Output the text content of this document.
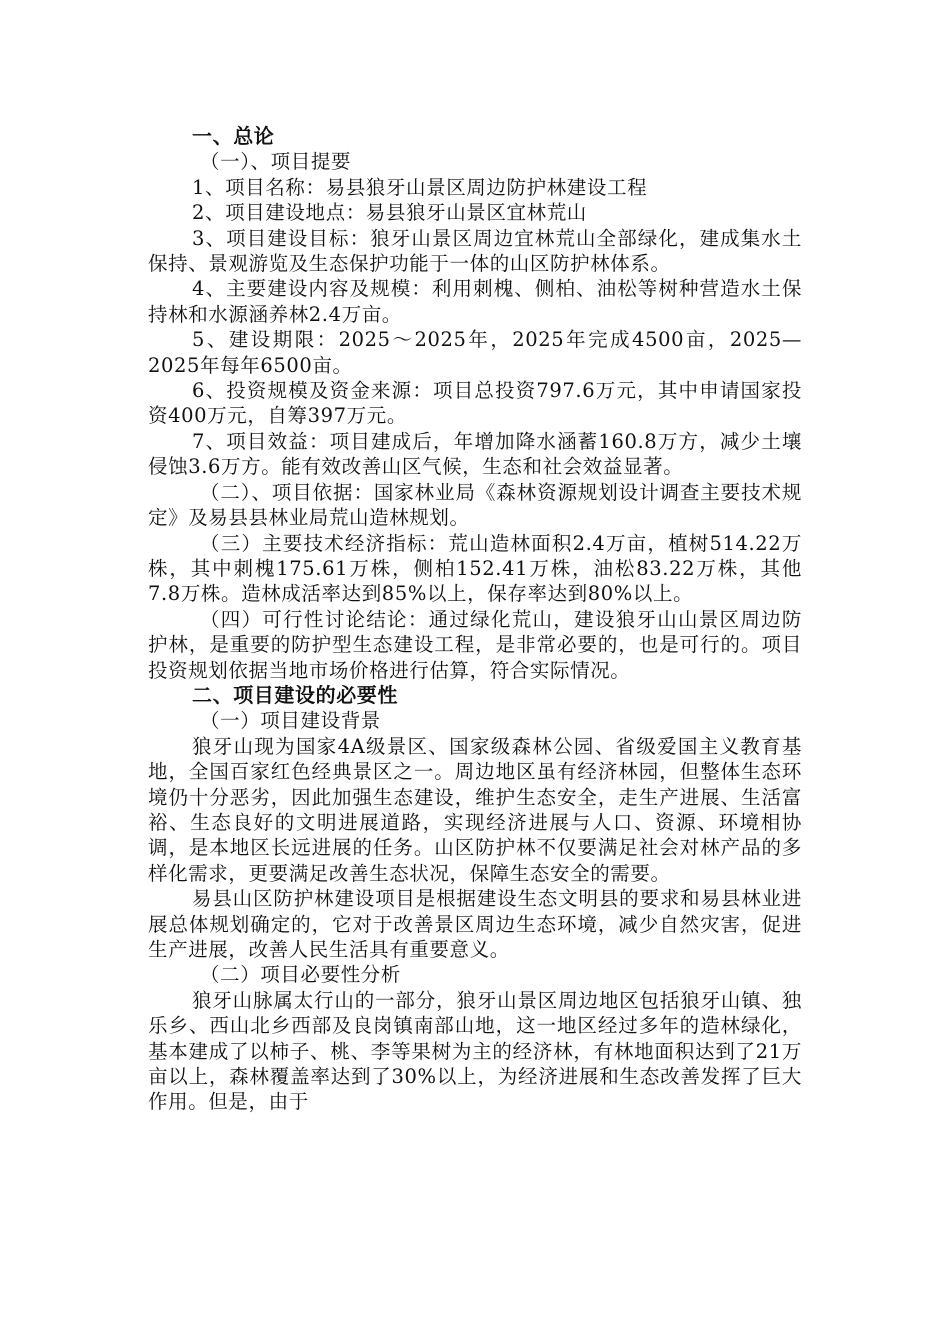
一、总论

（一）、项目提要

1、项目名称：易县狼牙山景区周边防护林建设工程

2、项目建设地点：易县狼牙山景区宜林荒山

3、项目建设目标：狼牙山景区周边宜林荒山全部绿化，建成集水土保持、景观游览及生态保护功能于一体的山区防护林体系。

4、主要建设内容及规模：利用刺槐、侧柏、油松等树种营造水土保持林和水源涵养林2.4万亩。

5、建设期限：2025～2025年，2025年完成4500亩，2025—2025年每年6500亩。

6、投资规模及资金来源：项目总投资797.6万元，其中申请国家投资400万元，自筹397万元。

7、项目效益：项目建成后，年增加降水涵蓄160.8万方，减少土壤侵蚀3.6万方。能有效改善山区气候，生态和社会效益显著。

（二）、项目依据：国家林业局《森林资源规划设计调查主要技术规定》及易县县林业局荒山造林规划。

（三）主要技术经济指标：荒山造林面积2.4万亩，植树514.22万株，其中刺槐175.61万株，侧柏152.41万株，油松83.22万株，其他7.8万株。造林成活率达到85%以上，保存率达到80%以上。

（四）可行性讨论结论：通过绿化荒山，建设狼牙山山景区周边防护林，是重要的防护型生态建设工程，是非常必要的，也是可行的。项目投资规划依据当地市场价格进行估算，符合实际情况。

二、项目建设的必要性

（一）项目建设背景

狼牙山现为国家4A级景区、国家级森林公园、省级爱国主义教育基地，全国百家红色经典景区之一。周边地区虽有经济林园，但整体生态环境仍十分恶劣，因此加强生态建设，维护生态安全，走生产进展、生活富裕、生态良好的文明进展道路，实现经济进展与人口、资源、环境相协调，是本地区长远进展的任务。山区防护林不仅要满足社会对林产品的多样化需求，更要满足改善生态状况，保障生态安全的需要。

易县山区防护林建设项目是根据建设生态文明县的要求和易县林业进展总体规划确定的，它对于改善景区周边生态环境，减少自然灾害，促进生产进展，改善人民生活具有重要意义。

（二）项目必要性分析

狼牙山脉属太行山的一部分，狼牙山景区周边地区包括狼牙山镇、独乐乡、西山北乡西部及良岗镇南部山地，这一地区经过多年的造林绿化，基本建成了以柿子、桃、李等果树为主的经济林，有林地面积达到了21万亩以上，森林覆盖率达到了30%以上，为经济进展和生态改善发挥了巨大作用。但是，由于
